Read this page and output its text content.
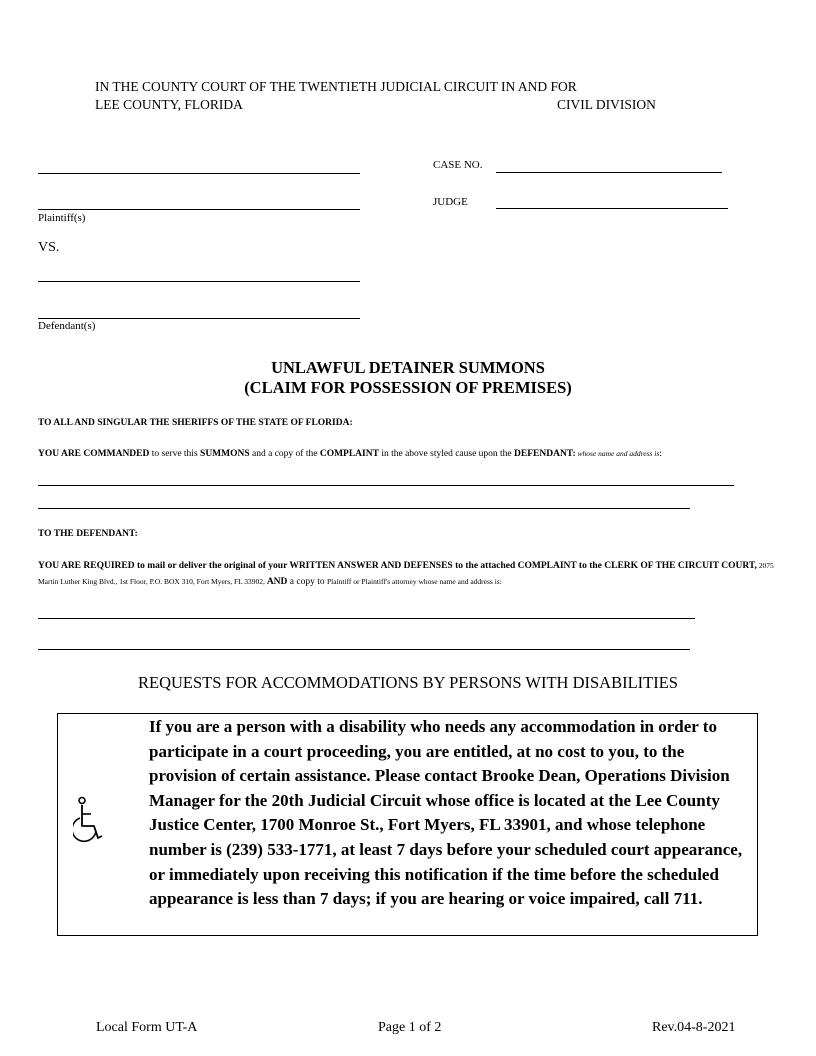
IN THE COUNTY COURT OF THE TWENTIETH JUDICIAL CIRCUIT IN AND FOR
LEE COUNTY, FLORIDA	CIVIL DIVISION
Plaintiff(s)
VS.
Defendant(s)
CASE NO.
JUDGE
UNLAWFUL DETAINER SUMMONS
(CLAIM FOR POSSESSION OF PREMISES)
TO ALL AND SINGULAR THE SHERIFFS OF THE STATE OF FLORIDA:
YOU ARE COMMANDED to serve this SUMMONS and a copy of the COMPLAINT in the above styled cause upon the DEFENDANT: whose name and address is:
TO THE DEFENDANT:
YOU ARE REQUIRED to mail or deliver the original of your WRITTEN ANSWER AND DEFENSES to the attached COMPLAINT to the CLERK OF THE CIRCUIT COURT, 2075 Martin Luther King Blvd., 1st Floor, P.O. BOX 310, Fort Myers, FL 33902, AND a copy to Plaintiff or Plaintiff's attorney whose name and address is:
REQUESTS FOR ACCOMMODATIONS BY PERSONS WITH DISABILITIES
If you are a person with a disability who needs any accommodation in order to participate in a court proceeding, you are entitled, at no cost to you, to the provision of certain assistance. Please contact Brooke Dean, Operations Division Manager for the 20th Judicial Circuit whose office is located at the Lee County Justice Center, 1700 Monroe St., Fort Myers, FL 33901, and whose telephone number is (239) 533-1771, at least 7 days before your scheduled court appearance, or immediately upon receiving this notification if the time before the scheduled appearance is less than 7 days; if you are hearing or voice impaired, call 711.
Local Form UT-A	Page 1 of 2	Rev.04-8-2021
